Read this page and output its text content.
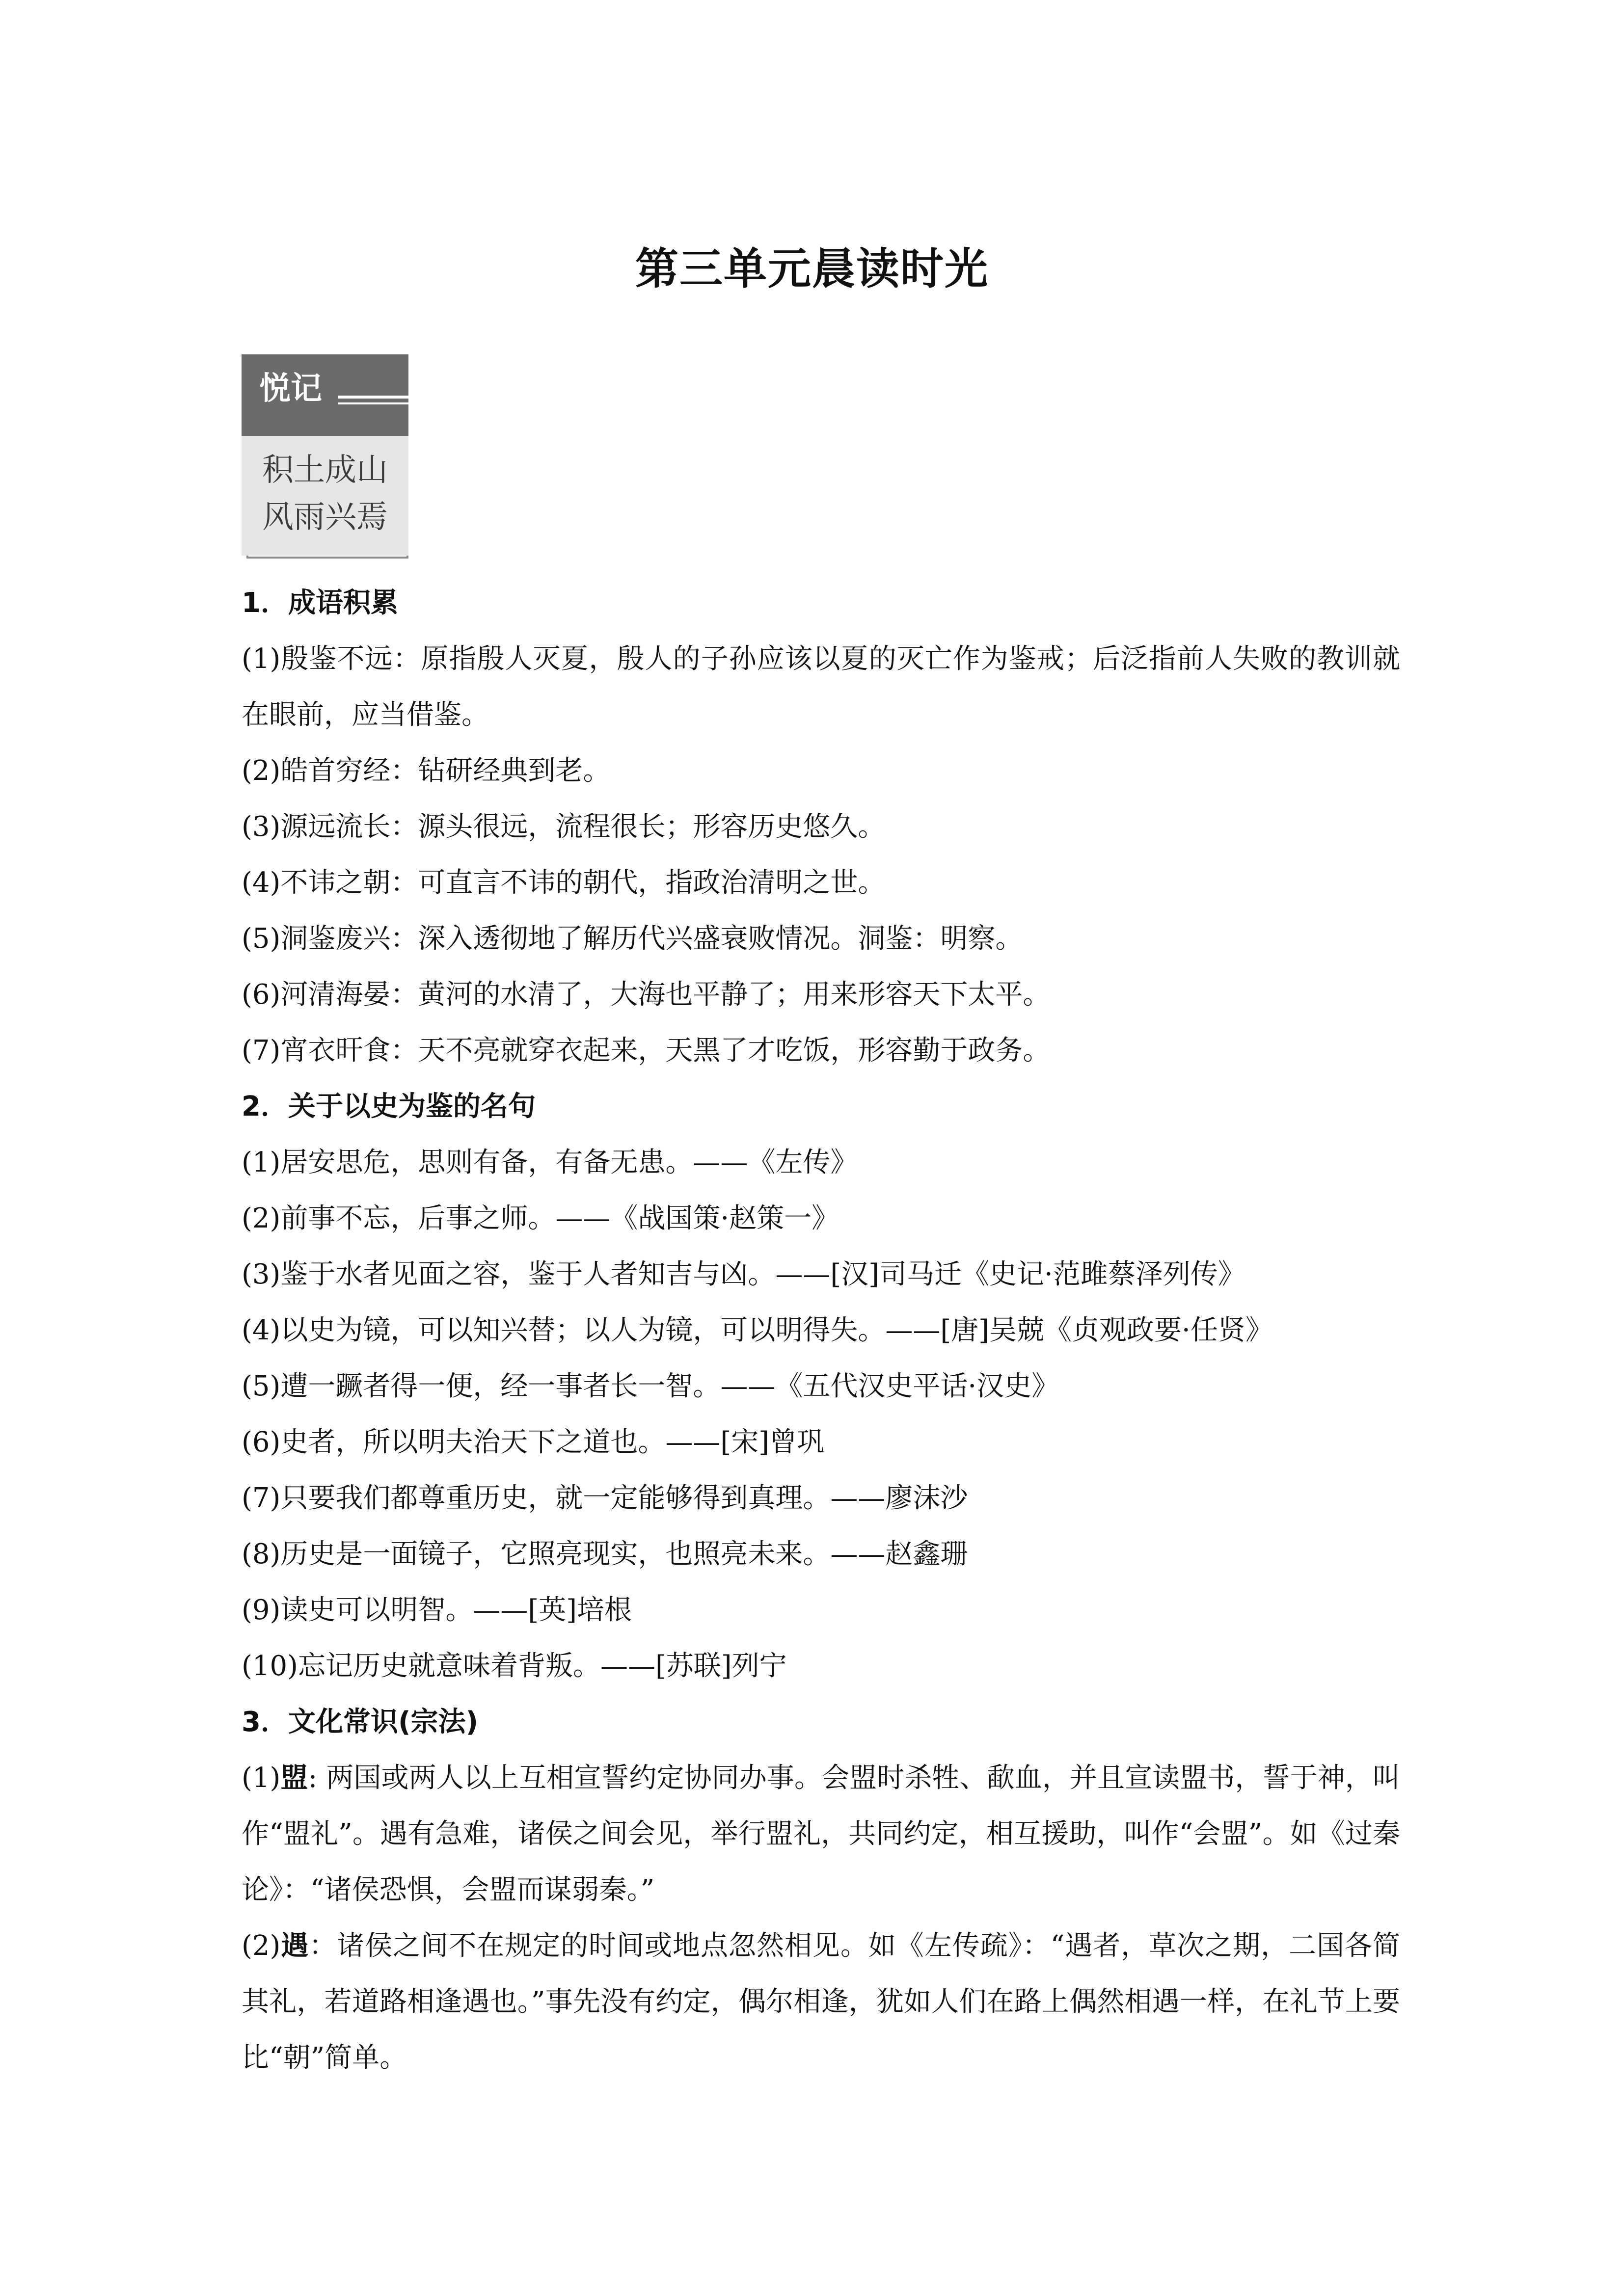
第三单元晨读时光
悦记
积土成山
风雨兴焉
1．成语积累
(1)殷鉴不远：原指殷人灭夏，殷人的子孙应该以夏的灭亡作为鉴戒；后泛指前人失败的教训就在眼前，应当借鉴。
(2)皓首穷经：钻研经典到老。
(3)源远流长：源头很远，流程很长；形容历史悠久。
(4)不讳之朝：可直言不讳的朝代，指政治清明之世。
(5)洞鉴废兴：深入透彻地了解历代兴盛衰败情况。洞鉴：明察。
(6)河清海晏：黄河的水清了，大海也平静了；用来形容天下太平。
(7)宵衣旰食：天不亮就穿衣起来，天黑了才吃饭，形容勤于政务。
2．关于以史为鉴的名句
(1)居安思危，思则有备，有备无患。——《左传》
(2)前事不忘，后事之师。——《战国策·赵策一》
(3)鉴于水者见面之容，鉴于人者知吉与凶。——[汉]司马迁《史记·范雎蔡泽列传》
(4)以史为镜，可以知兴替；以人为镜，可以明得失。——[唐]吴兢《贞观政要·任贤》
(5)遭一蹶者得一便，经一事者长一智。——《五代汉史平话·汉史》
(6)史者，所以明夫治天下之道也。——[宋]曾巩
(7)只要我们都尊重历史，就一定能够得到真理。——廖沫沙
(8)历史是一面镜子，它照亮现实，也照亮未来。——赵鑫珊
(9)读史可以明智。——[英]培根
(10)忘记历史就意味着背叛。——[苏联]列宁
3．文化常识(宗法)
(1)盟: 两国或两人以上互相宣誓约定协同办事。会盟时杀牲、歃血，并且宣读盟书，誓于神，叫作“盟礼”。遇有急难，诸侯之间会见，举行盟礼，共同约定，相互援助，叫作“会盟”。如《过秦论》：“诸侯恐惧，会盟而谋弱秦。”
(2)遇：诸侯之间不在规定的时间或地点忽然相见。如《左传疏》：“遇者，草次之期，二国各简其礼，若道路相逢遇也。”事先没有约定，偶尔相逢，犹如人们在路上偶然相遇一样，在礼节上要比“朝”简单。
